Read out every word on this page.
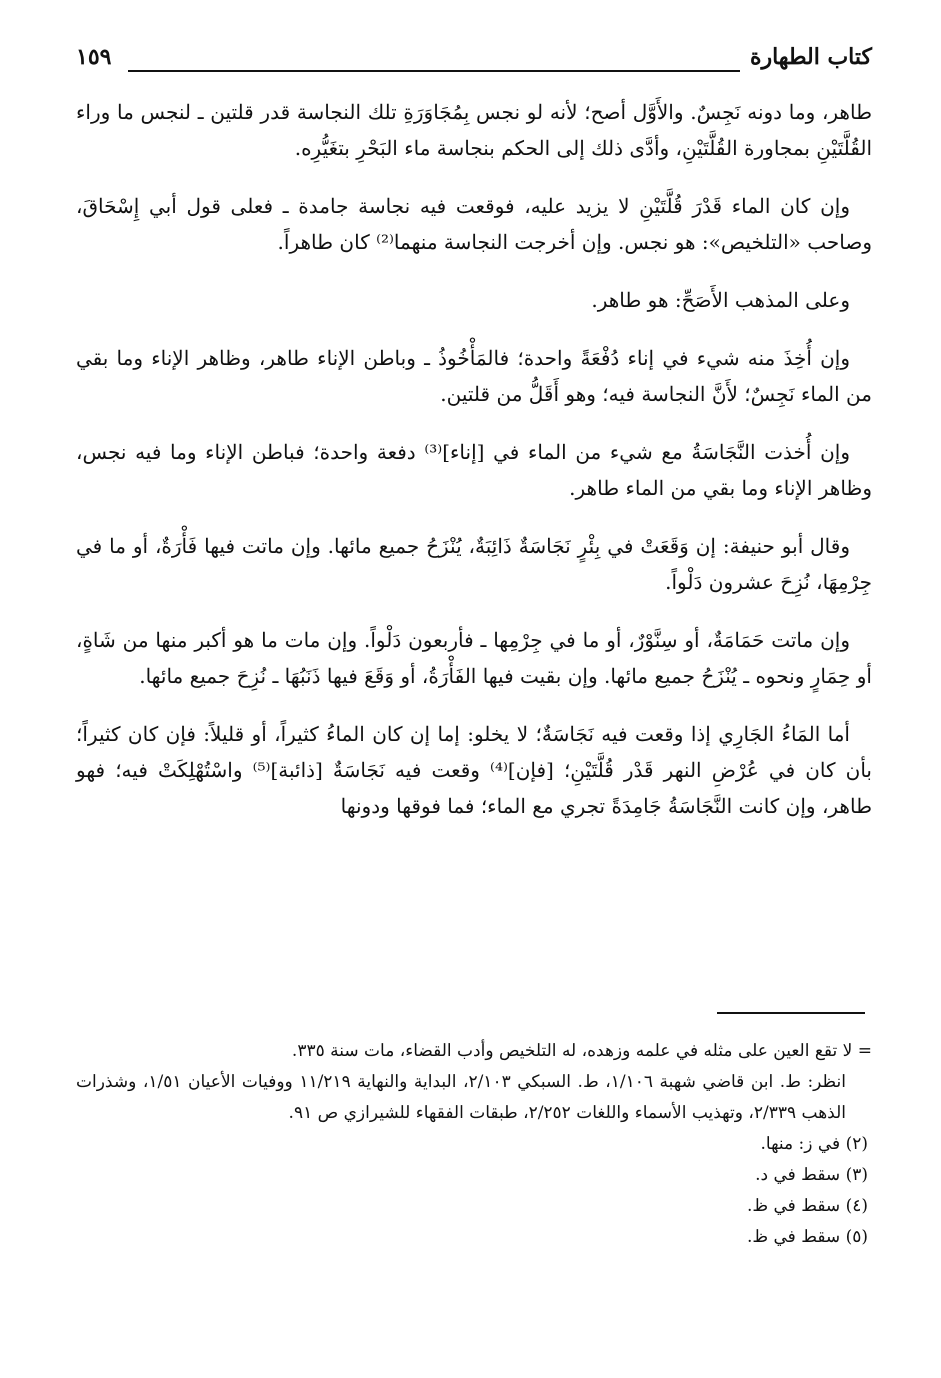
كتاب الطهارة
١٥٩

طاهر، وما دونه نَجِسٌ. والأَوَّل أصح؛ لأنه لو نجس بِمُجَاوَرَةِ تلك النجاسة قدر قلتين ـ لنجس ما وراء القُلَّتَيْنِ بمجاورة القُلَّتَيْنِ، وأدَّى ذلك إلى الحكم بنجاسة ماء البَحْرِ بتغَيُّرِه.

وإن كان الماء قَدْرَ قُلَّتَيْنِ لا يزيد عليه، فوقعت فيه نجاسة جامدة ـ فعلى قول أبي إِسْحَاقَ، وصاحب «التلخيص»: هو نجس. وإن أخرجت النجاسة منهما⁽²⁾ كان طاهراً.

وعلى المذهب الأَصَحِّ: هو طاهر.

وإن أُخِذَ منه شيء في إناء دُفْعَةً واحدة؛ فالمَأْخُوذُ ـ وباطن الإناء طاهر، وظاهر الإناء وما بقي من الماء نَجِسٌ؛ لأَنَّ النجاسة فيه؛ وهو أَقَلُّ من قلتين.

وإن أُخذت النَّجَاسَةُ مع شيء من الماء في [إناء]⁽³⁾ دفعة واحدة؛ فباطن الإناء وما فيه نجس، وظاهر الإناء وما بقي من الماء طاهر.

وقال أبو حنيفة: إن وَقَعَتْ في بِئْرٍ نَجَاسَةٌ ذَائِبَةٌ، يُنْزَحُ جميع مائها. وإن ماتت فيها فَأْرَةٌ، أو ما في جِرْمِهَا، نُزِحَ عشرون دَلْواً.

وإن ماتت حَمَامَةٌ، أو سِنَّوْرٌ، أو ما في جِرْمِها ـ فأربعون دَلْواً. وإن مات ما هو أكبر منها من شَاةٍ، أو حِمَارٍ ونحوه ـ يُنْزَحُ جميع مائها. وإن بقيت فيها الفَأْرَةُ، أو وَقَعَ فيها ذَنَبُهَا ـ نُزِحَ جميع مائها.

أما المَاءُ الجَارِي إذا وقعت فيه نَجَاسَةٌ؛ لا يخلو: إما إن كان الماءُ كثيراً، أو قليلاً: فإن كان كثيراً؛ بأن كان في عُرْضِ النهر قَدْر قُلَّتَيْنِ؛ [فإن]⁽⁴⁾ وقعت فيه نَجَاسَةٌ [ذائبة]⁽⁵⁾ واسْتُهْلِكَتْ فيه؛ فهو طاهر، وإن كانت النَّجَاسَةُ جَامِدَةً تجري مع الماء؛ فما فوقها ودونها

= لا تقع العين على مثله في علمه وزهده، له التلخيص وأدب القضاء، مات سنة ٣٣٥.

انظر: ط. ابن قاضي شهبة ١/١٠٦، ط. السبكي ٢/١٠٣، البداية والنهاية ١١/٢١٩ ووفيات الأعيان ١/٥١، وشذرات الذهب ٢/٣٣٩، وتهذيب الأسماء واللغات ٢/٢٥٢، طبقات الفقهاء للشيرازي ص ٩١.

(٢) في ز: منها.

(٣) سقط في د.

(٤) سقط في ظ.

(٥) سقط في ظ.
